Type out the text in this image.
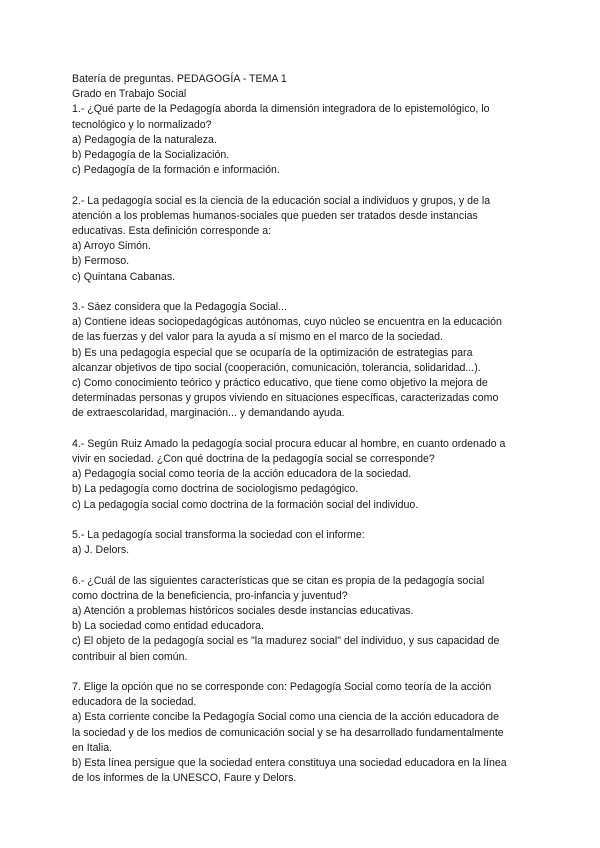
Batería de preguntas. PEDAGOGÍA - TEMA 1
Grado en Trabajo Social
1.- ¿Qué parte de la Pedagogía aborda la dimensión integradora de lo epistemológico, lo
tecnológico y lo normalizado?
a) Pedagogía de la naturaleza.
b) Pedagogía de la Socialización.
c) Pedagogía de la formación e información.
2.- La pedagogía social es la ciencia de la educación social a individuos y grupos, y de la
atención a los problemas humanos-sociales que pueden ser tratados desde instancias
educativas. Esta definición corresponde a:
a) Arroyo Simón.
b) Fermoso.
c) Quintana Cabanas.
3.- Sáez considera que la Pedagogía Social...
a) Contiene ideas sociopedagógicas autónomas, cuyo núcleo se encuentra en la educación
de las fuerzas y del valor para la ayuda a sí mismo en el marco de la sociedad.
b) Es una pedagogía especial que se ocuparía de la optimización de estrategias para
alcanzar objetivos de tipo social (cooperación, comunicación, tolerancia, solidaridad...).
c) Como conocimiento teórico y práctico educativo, que tiene como objetivo la mejora de
determinadas personas y grupos viviendo en situaciones específicas, caracterizadas como
de extraescolaridad, marginación... y demandando ayuda.
4.- Según Ruiz Amado la pedagogía social procura educar al hombre, en cuanto ordenado a
vivir en sociedad. ¿Con qué doctrina de la pedagogía social se corresponde?
a) Pedagogía social como teoría de la acción educadora de la sociedad.
b) La pedagogía como doctrina de sociologismo pedagógico.
c) La pedagogía social como doctrina de la formación social del individuo.
5.- La pedagogía social transforma la sociedad con el informe:
a) J. Delors.
6.- ¿Cuál de las siguientes características que se citan es propia de la pedagogía social
como doctrina de la beneficiencia, pro-infancia y juventud?
a) Atención a problemas históricos sociales desde instancias educativas.
b) La sociedad como entidad educadora.
c) El objeto de la pedagogía social es "la madurez social" del individuo, y sus capacidad de
contribuir al bien común.
7. Elige la opción que no se corresponde con: Pedagogía Social como teoría de la acción
educadora de la sociedad.
a) Esta corriente concibe la Pedagogía Social como una ciencia de la acción educadora de
la sociedad y de los medios de comunicación social y se ha desarrollado fundamentalmente
en Italia.
b) Esta línea persigue que la sociedad entera constituya una sociedad educadora en la línea
de los informes de la UNESCO, Faure y Delors.
